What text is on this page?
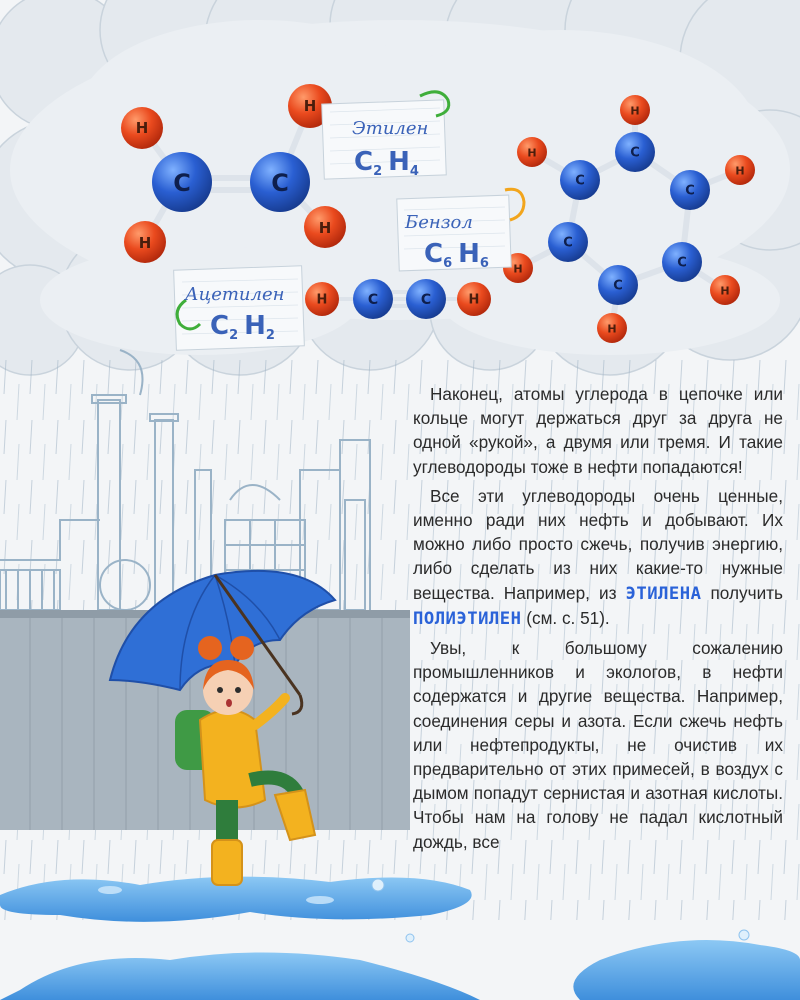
H
C	C
H
H
H
H	C	C	H
C
C
C
C
C
C
H
H
H
H
H
H
Этилен
C2 H4
Бензол
C6 H6
Ацетилен
C2 H2

Наконец, атомы углерода в цепочке или кольце могут держаться друг за друга не одной «рукой», а двумя или тремя. И такие углеводороды тоже в нефти попадаются!

Все эти углеводороды очень ценные, именно ради них нефть и добывают. Их можно либо просто сжечь, получив энергию, либо сделать из них какие-то нужные вещества. Например, из ЭТИЛЕНА получить ПОЛИЭТИЛЕН (см. с. 51).

Увы, к большому сожалению промышленников и экологов, в нефти содержатся и другие вещества. Например, соединения серы и азота. Если сжечь нефть или нефтепродукты, не очистив их предварительно от этих примесей, в воздух с дымом попадут сернистая и азотная кислоты. Чтобы нам на голову не падал кислотный дождь, все
